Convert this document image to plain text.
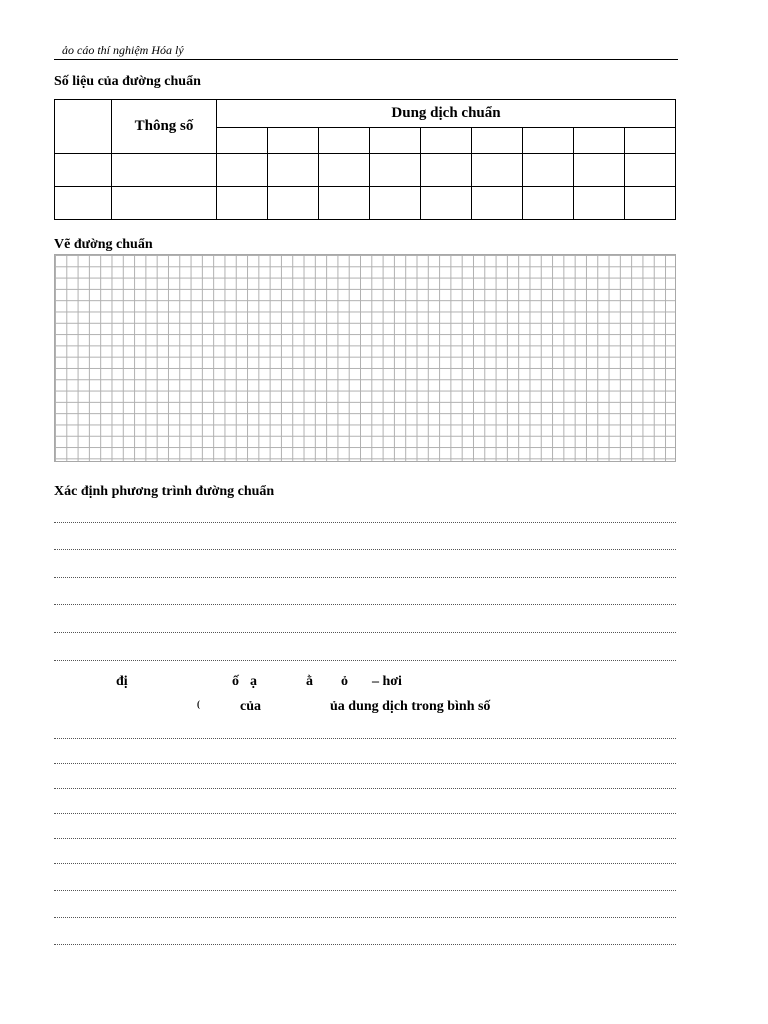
ảo cáo thí nghiệm Hóa lý
Số liệu của đường chuẩn
	Thông số	Dung dịch chuẩn								

Vẽ đường chuẩn
Xác định phương trình đường chuẩn
đị	ố ạ	ằ ỏ – hơi
(	của	ủa dung dịch trong bình số
